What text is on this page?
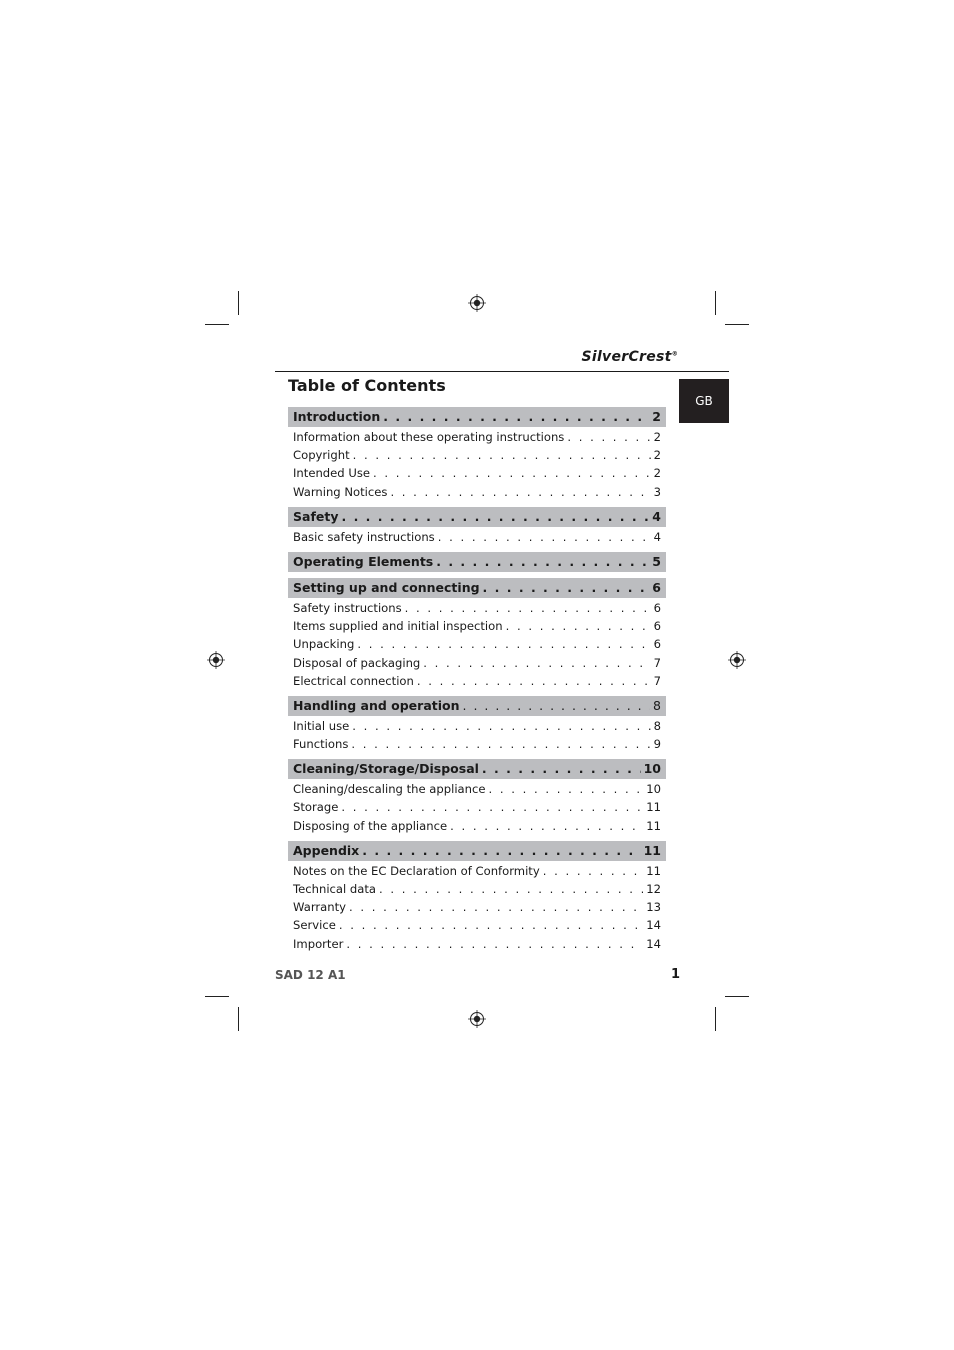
SilverCrest®
GB
Table of Contents
Introduction . . .	2
Information about these operating instructions . . .	2
Copyright . . .	2
Intended Use . . .	2
Warning Notices . . .	3
Safety . . .	4
Basic safety instructions . . .	4
Operating Elements . . .	5
Setting up and connecting . . .	6
Safety instructions . . .	6
Items supplied and initial inspection . . .	6
Unpacking . . .	6
Disposal of packaging . . .	7
Electrical connection . . .	7
Handling and operation . . .	8
Initial use . . .	8
Functions . . .	9
Cleaning/Storage/Disposal . . .	10
Cleaning/descaling the appliance . . .	10
Storage . . .	11
Disposing of the appliance . . .	11
Appendix . . .	11
Notes on the EC Declaration of Conformity . . .	11
Technical data . . .	12
Warranty . . .	13
Service . . .	14
Importer . . .	14
SAD 12 A1	1
